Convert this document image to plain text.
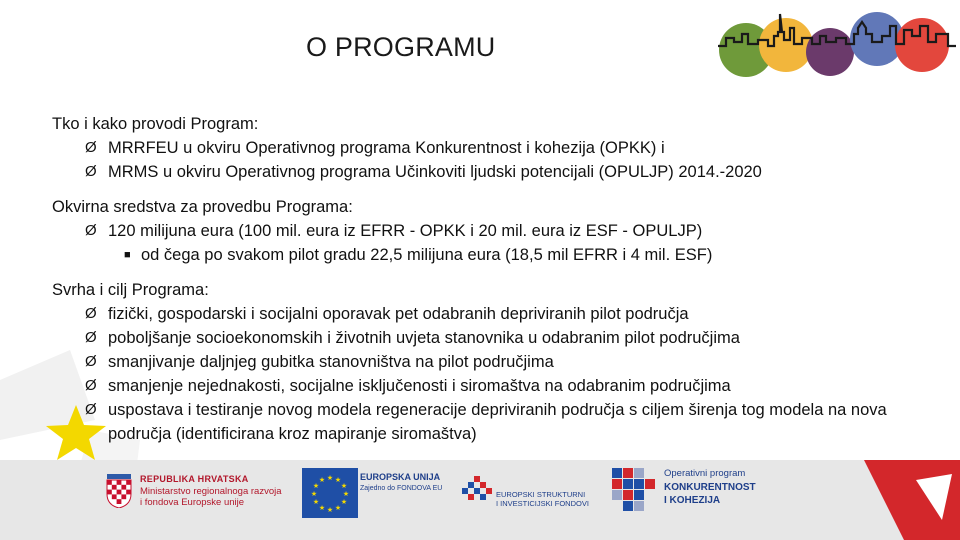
O PROGRAMU
Tko i kako provodi Program:
Ø MRRFEU u okviru Operativnog programa Konkurentnost i kohezija (OPKK) i
Ø MRMS u okviru Operativnog programa Učinkoviti ljudski potencijali (OPULJP) 2014.-2020
Okvirna sredstva za provedbu Programa:
Ø 120 milijuna eura (100 mil. eura iz EFRR - OPKK i 20 mil. eura iz ESF - OPULJP)
■ od čega po svakom pilot gradu 22,5 milijuna eura (18,5 mil EFRR i 4 mil. ESF)
Svrha i cilj Programa:
Ø fizički, gospodarski i socijalni oporavak pet odabranih depriviranih pilot područja
Ø poboljšanje socioekonomskih i životnih uvjeta stanovnika u odabranim pilot područjima
Ø smanjivanje daljnjeg gubitka stanovništva na pilot područjima
Ø smanjenje nejednakosti, socijalne isključenosti i siromaštva na odabranim područjima
Ø uspostava i testiranje novog modela regeneracije depriviranih područja s ciljem širenja tog modela na nova područja (identificirana kroz mapiranje siromaštva)
REPUBLIKA HRVATSKA
Ministarstvo regionalnoga razvoja
i fondova Europske unije
★ ★
★
★
★
★
★
★
★
★
★
★	EUROPSKA UNIJA
Zajedno do FONDOVA EU
EUROPSKI STRUKTURNI
I INVESTICIJSKI FONDOVI
Operativni program
KONKURENTNOST
I KOHEZIJA
